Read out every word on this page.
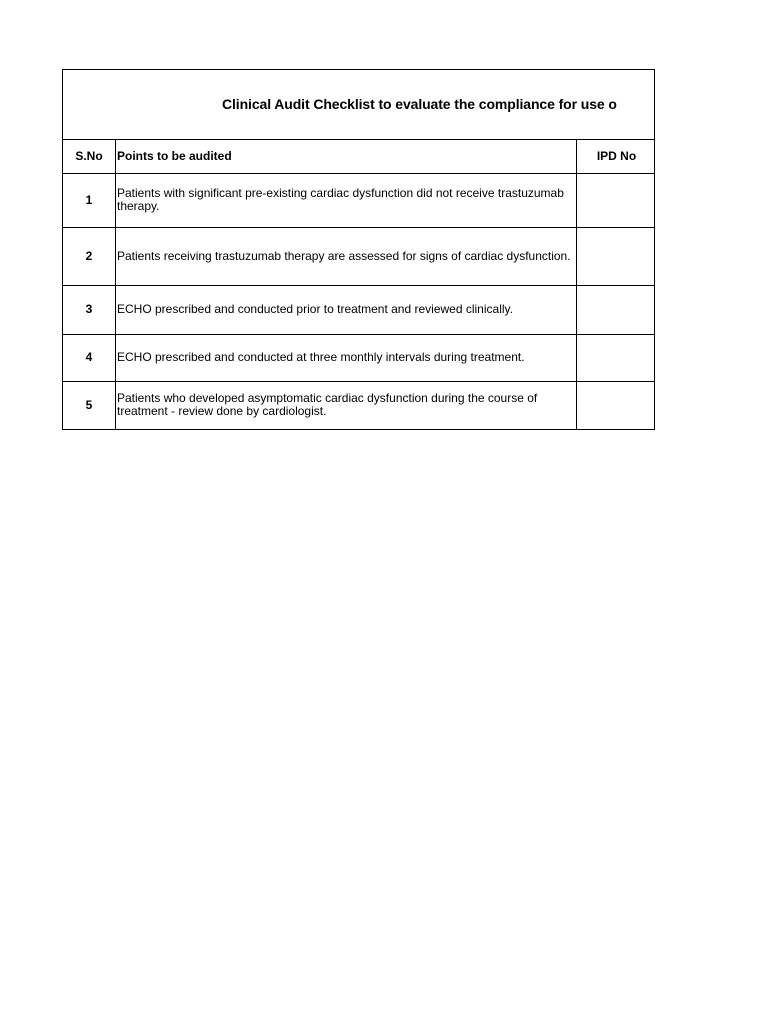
Clinical Audit Checklist to evaluate the compliance for use o
S.No	Points to be audited	IPD No
1	Patients with significant pre-existing cardiac dysfunction did not receive trastuzumab therapy.	
2	Patients receiving trastuzumab therapy are assessed for signs of cardiac dysfunction.	
3	ECHO prescribed and conducted prior to treatment and reviewed clinically.	
4	ECHO prescribed and conducted at three monthly intervals during treatment.	
5	Patients who developed asymptomatic cardiac dysfunction during the course of treatment - review done by cardiologist.	
